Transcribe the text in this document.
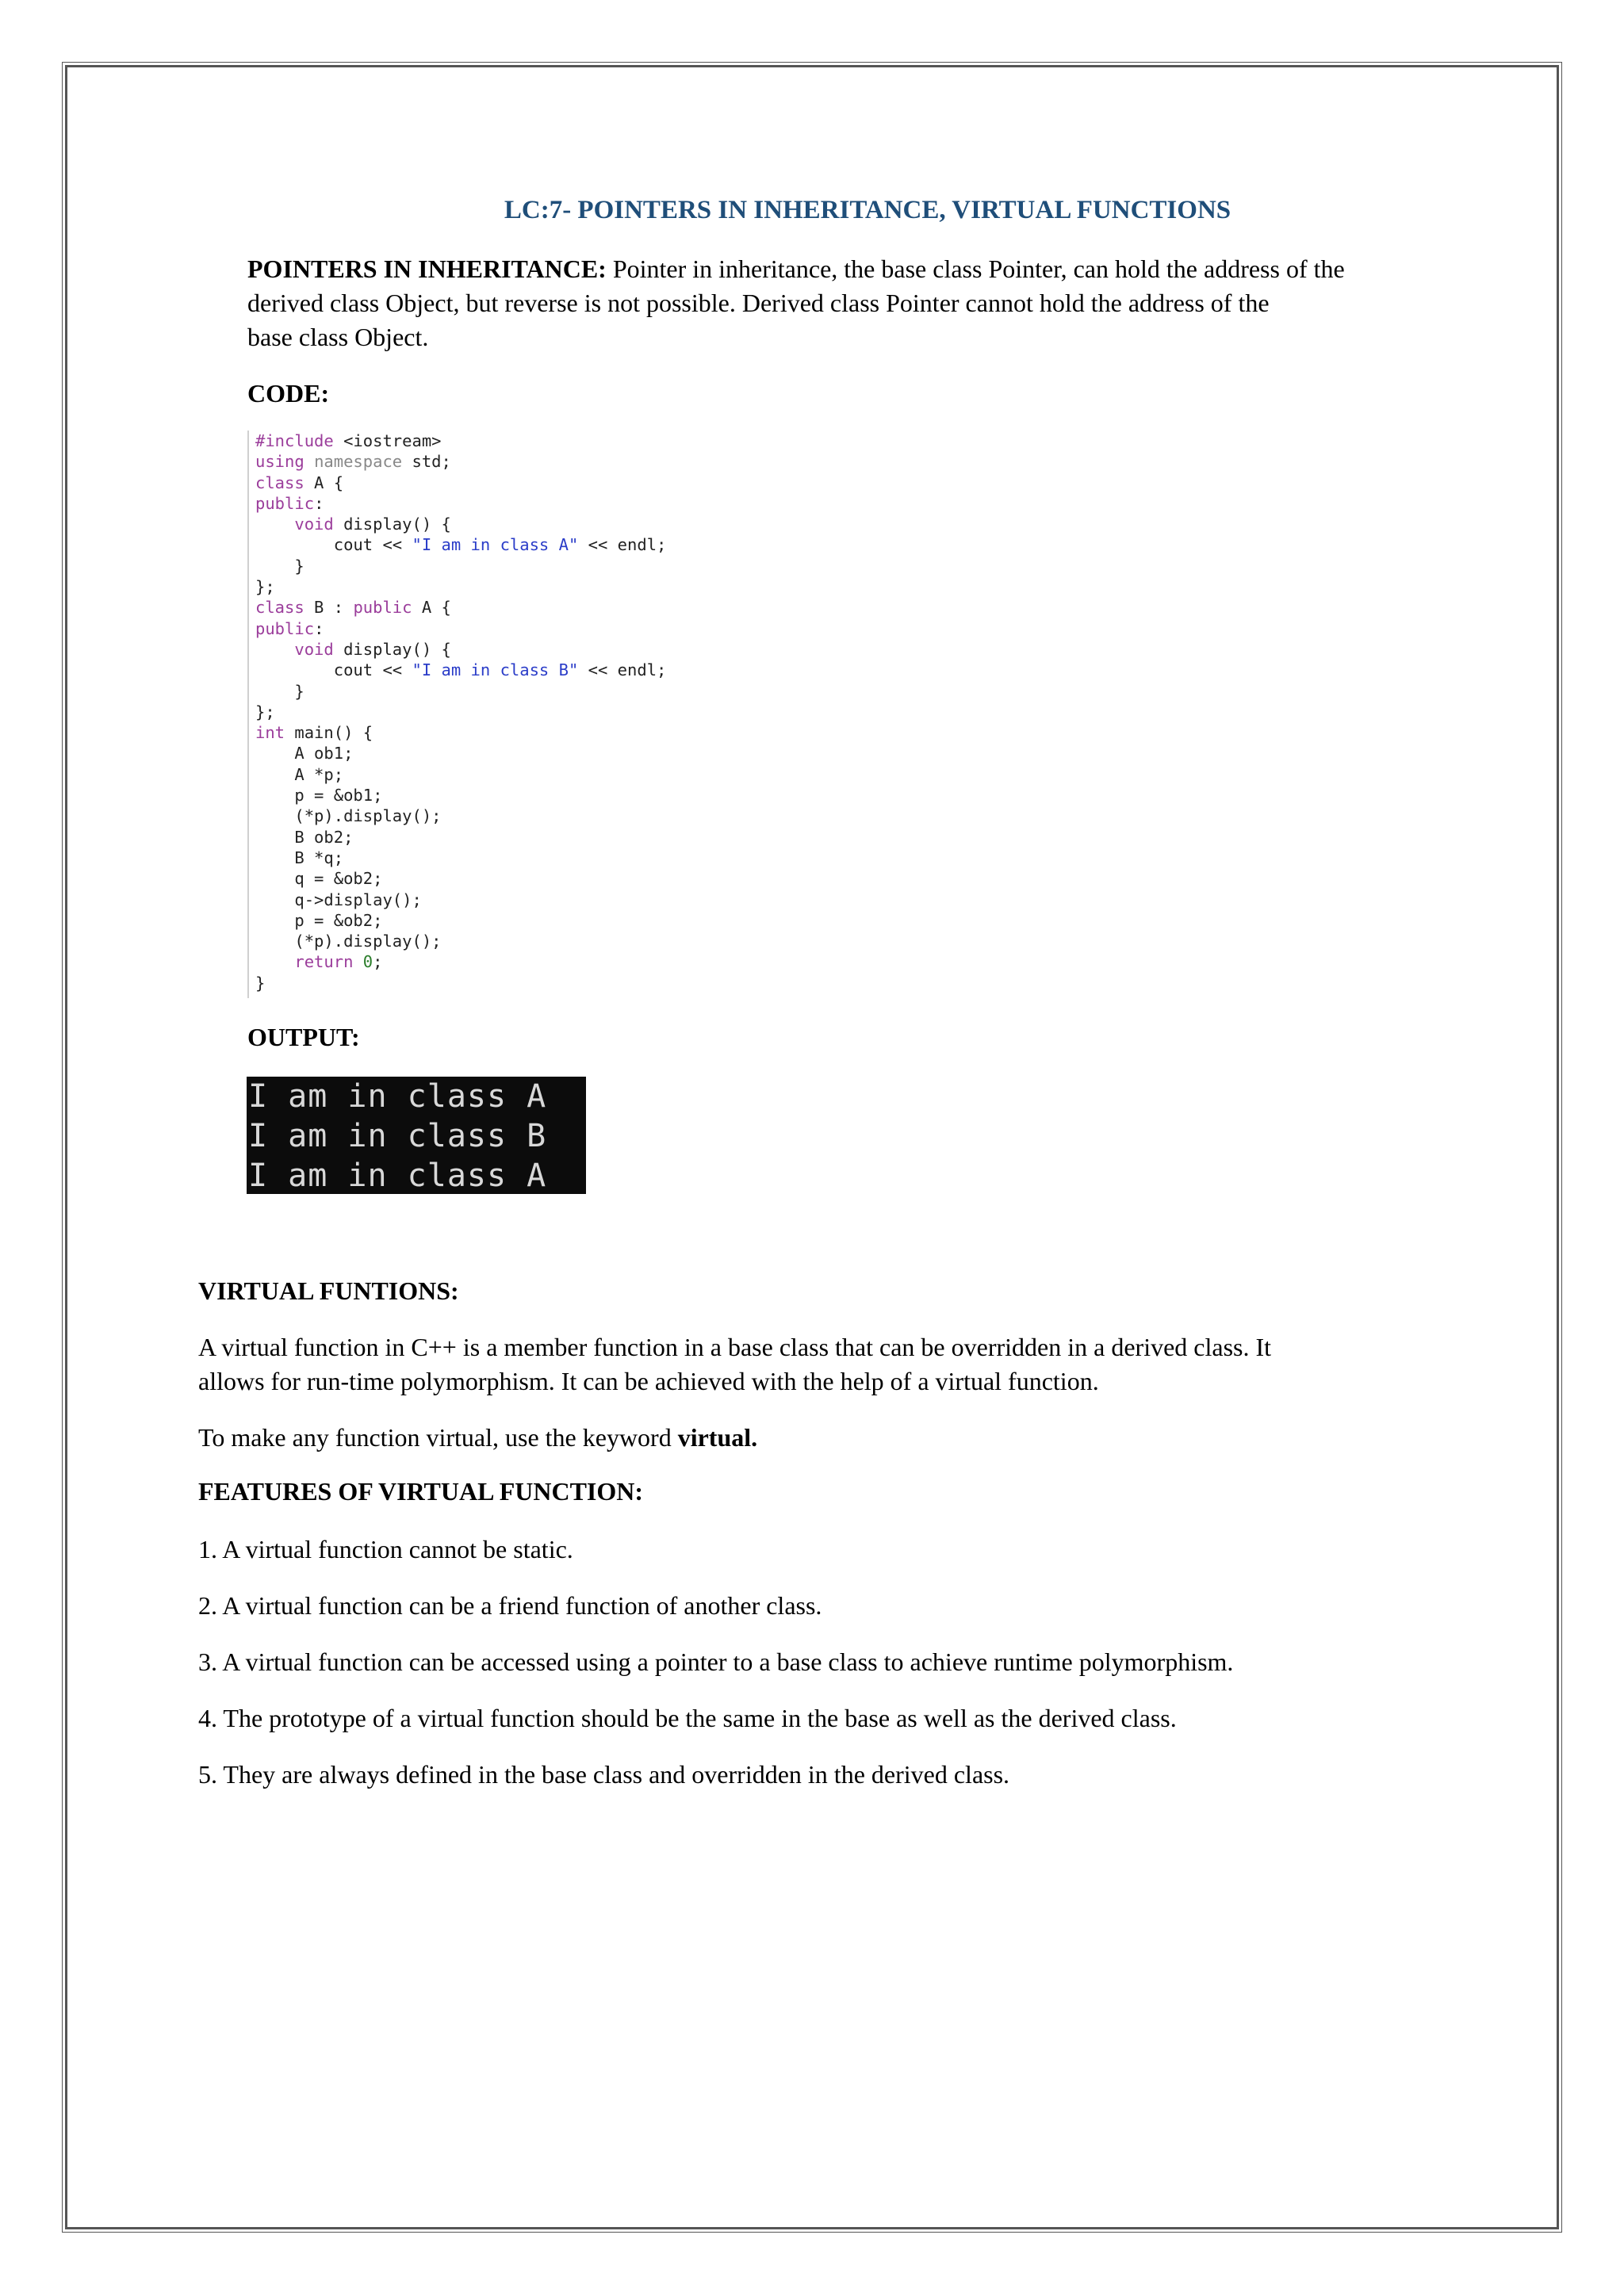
LC:7- POINTERS IN INHERITANCE, VIRTUAL FUNCTIONS

POINTERS IN INHERITANCE: Pointer in inheritance, the base class Pointer, can hold the address of the

derived class Object, but reverse is not possible. Derived class Pointer cannot hold the address of the

base class Object.

CODE:

#include <iostream>
using namespace std;
class A {
public:
void display() {
cout << "I am in class A" << endl;
}
};
class B : public A {
public:
void display() {
cout << "I am in class B" << endl;
}
};
int main() {
A ob1;
A *p;
p = &ob1;
(*p).display();
B ob2;
B *q;
q = &ob2;
q->display();
p = &ob2;
(*p).display();
return 0;
}

OUTPUT:

I am in class A
I am in class B
I am in class A

VIRTUAL FUNTIONS:

A virtual function in C++ is a member function in a base class that can be overridden in a derived class. It

allows for run-time polymorphism. It can be achieved with the help of a virtual function.

To make any function virtual, use the keyword virtual.

FEATURES OF VIRTUAL FUNCTION:

1. A virtual function cannot be static.

2. A virtual function can be a friend function of another class.

3. A virtual function can be accessed using a pointer to a base class to achieve runtime polymorphism.

4. The prototype of a virtual function should be the same in the base as well as the derived class.

5. They are always defined in the base class and overridden in the derived class.
